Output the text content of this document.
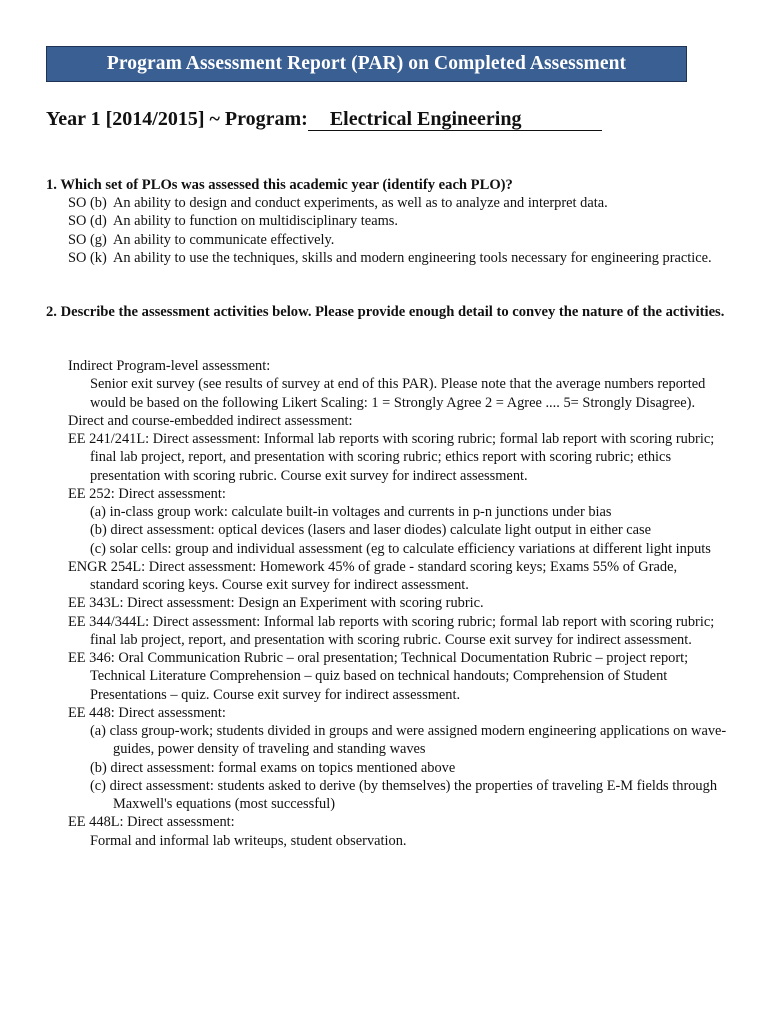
Program Assessment Report (PAR) on Completed Assessment
Year 1 [2014/2015] ~ Program: Electrical Engineering
1. Which set of PLOs was assessed this academic year (identify each PLO)?
SO (b) An ability to design and conduct experiments, as well as to analyze and interpret data.
SO (d) An ability to function on multidisciplinary teams.
SO (g) An ability to communicate effectively.
SO (k) An ability to use the techniques, skills and modern engineering tools necessary for engineering practice.
2. Describe the assessment activities below. Please provide enough detail to convey the nature of the activities.

Indirect Program-level assessment:

Senior exit survey (see results of survey at end of this PAR). Please note that the average numbers reported would be based on the following Likert Scaling: 1 = Strongly Agree 2 = Agree .... 5= Strongly Disagree).

Direct and course-embedded indirect assessment:

EE 241/241L: Direct assessment: Informal lab reports with scoring rubric; formal lab report with scoring rubric; final lab project, report, and presentation with scoring rubric; ethics report with scoring rubric; ethics presentation with scoring rubric. Course exit survey for indirect assessment.

EE 252: Direct assessment:

(a) in-class group work: calculate built-in voltages and currents in p-n junctions under bias

(b) direct assessment: optical devices (lasers and laser diodes) calculate light output in either case

(c) solar cells: group and individual assessment (eg to calculate efficiency variations at different light inputs

ENGR 254L: Direct assessment: Homework 45% of grade - standard scoring keys; Exams 55% of Grade, standard scoring keys. Course exit survey for indirect assessment.

EE 343L: Direct assessment: Design an Experiment with scoring rubric.

EE 344/344L: Direct assessment: Informal lab reports with scoring rubric; formal lab report with scoring rubric; final lab project, report, and presentation with scoring rubric. Course exit survey for indirect assessment.

EE 346: Oral Communication Rubric – oral presentation; Technical Documentation Rubric – project report; Technical Literature Comprehension – quiz based on technical handouts; Comprehension of Student Presentations – quiz. Course exit survey for indirect assessment.

EE 448: Direct assessment:

(a) class group-work; students divided in groups and were assigned modern engineering applications on wave-guides, power density of traveling and standing waves

(b) direct assessment: formal exams on topics mentioned above

(c) direct assessment: students asked to derive (by themselves) the properties of traveling E-M fields through Maxwell's equations (most successful)

EE 448L: Direct assessment:

Formal and informal lab writeups, student observation.
